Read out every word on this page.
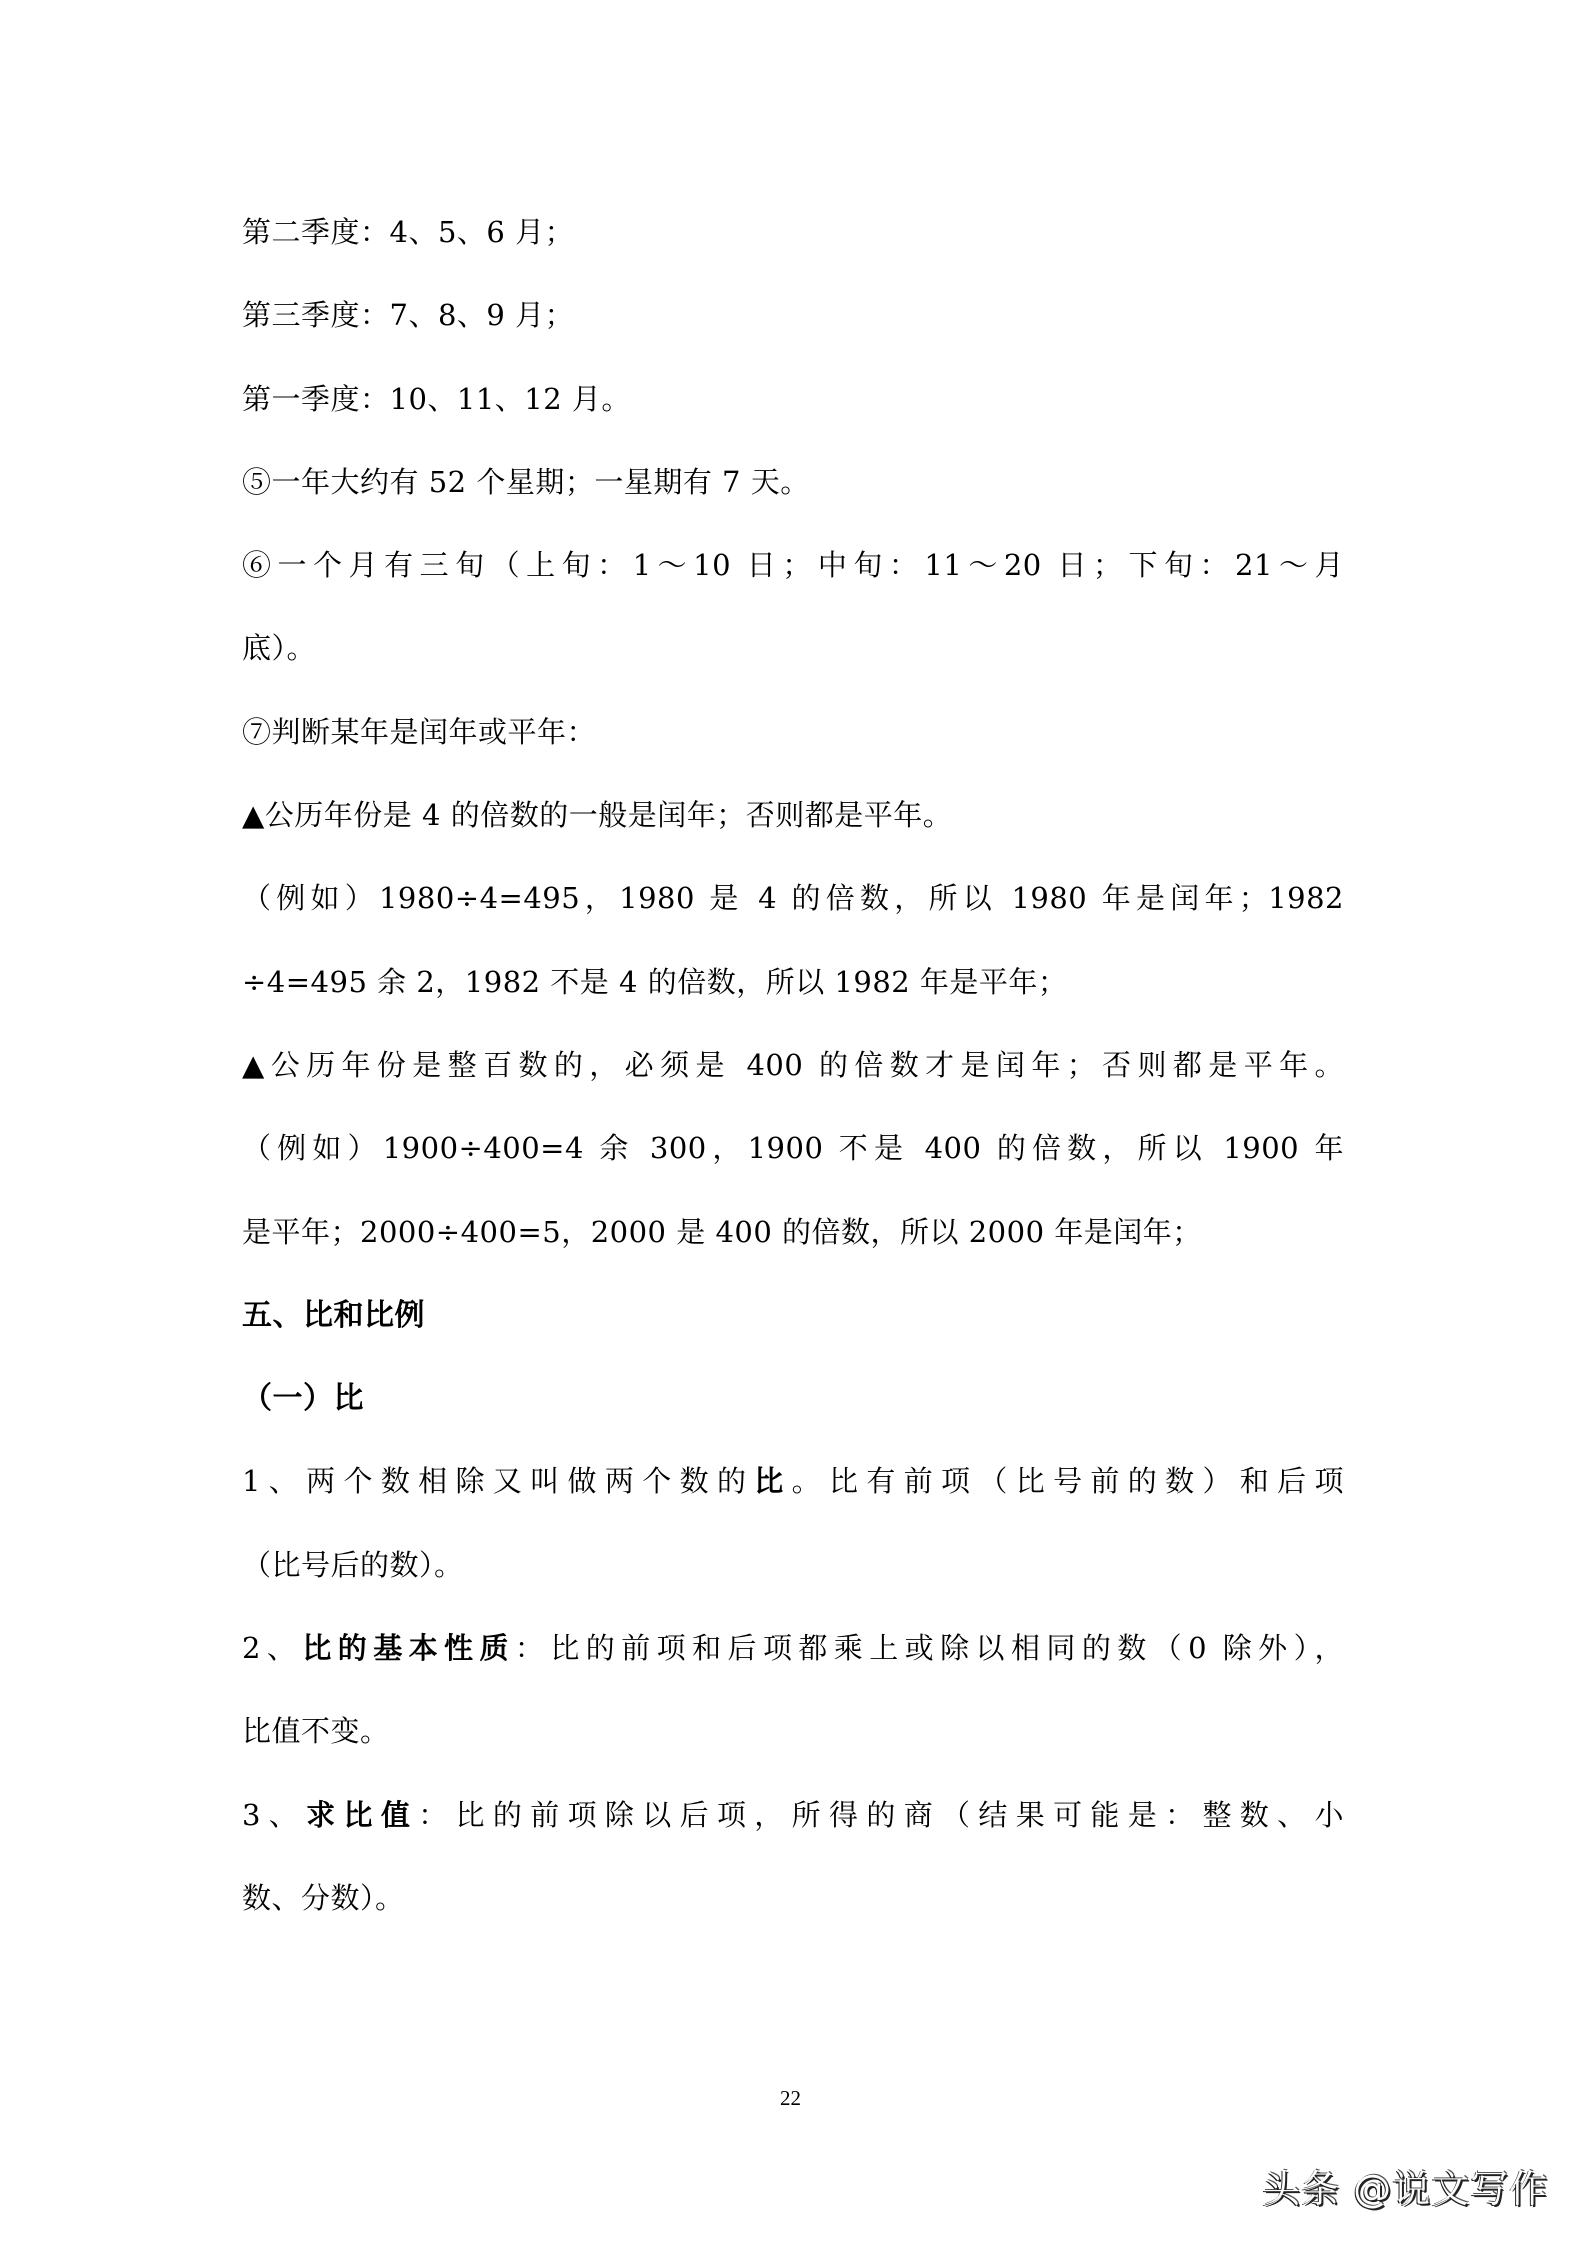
第二季度：4、5、6 月；
第三季度：7、8、9 月；
第一季度：10、11、12 月。
⑤一年大约有 52 个星期；一星期有 7 天。
⑥一个月有三旬（上旬：1～10 日；中旬：11～20 日；下旬：21～月
底）。
⑦判断某年是闰年或平年：
▲公历年份是 4 的倍数的一般是闰年；否则都是平年。
（例如）1980÷4=495，1980 是 4 的倍数，所以 1980 年是闰年；1982
÷4=495 余 2，1982 不是 4 的倍数，所以 1982 年是平年；
▲公历年份是整百数的，必须是 400 的倍数才是闰年；否则都是平年。
（例如）1900÷400=4 余 300，1900 不是 400 的倍数，所以 1900 年
是平年；2000÷400=5，2000 是 400 的倍数，所以 2000 年是闰年；
五、比和比例
（一）比
1、两个数相除又叫做两个数的比。比有前项（比号前的数）和后项
（比号后的数）。
2、比的基本性质：比的前项和后项都乘上或除以相同的数（0 除外），
比值不变。
3、求比值：比的前项除以后项，所得的商（结果可能是：整数、小
数、分数）。
22
头条 @说文写作
